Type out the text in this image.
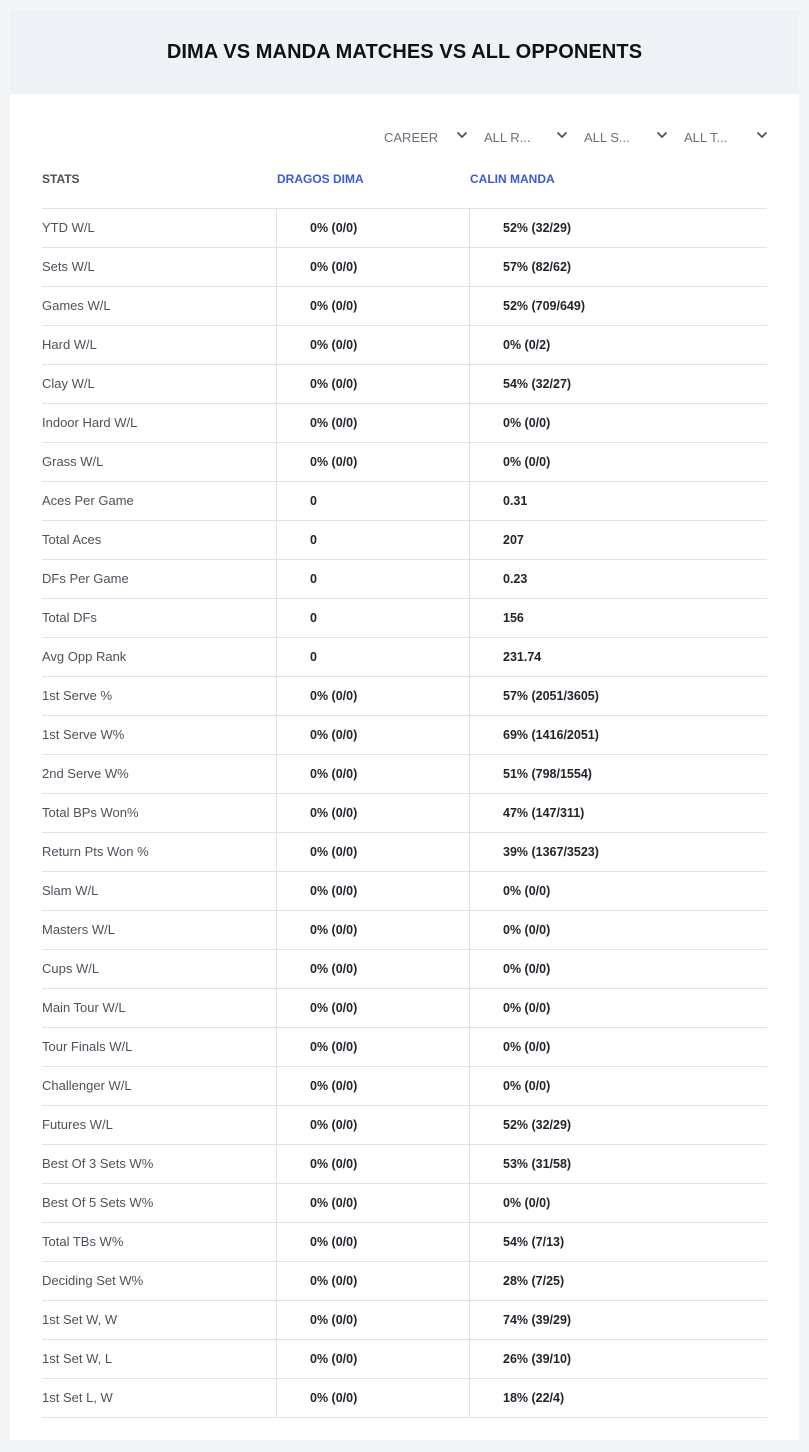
DIMA VS MANDA MATCHES VS ALL OPPONENTS
CAREER	ALL R...	ALL S...	ALL T...
STATS	DRAGOS DIMA	CALIN MANDA
YTD W/L	0% (0/0)	52% (32/29)
Sets W/L	0% (0/0)	57% (82/62)
Games W/L	0% (0/0)	52% (709/649)
Hard W/L	0% (0/0)	0% (0/2)
Clay W/L	0% (0/0)	54% (32/27)
Indoor Hard W/L	0% (0/0)	0% (0/0)
Grass W/L	0% (0/0)	0% (0/0)
Aces Per Game	0	0.31
Total Aces	0	207
DFs Per Game	0	0.23
Total DFs	0	156
Avg Opp Rank	0	231.74
1st Serve %	0% (0/0)	57% (2051/3605)
1st Serve W%	0% (0/0)	69% (1416/2051)
2nd Serve W%	0% (0/0)	51% (798/1554)
Total BPs Won%	0% (0/0)	47% (147/311)
Return Pts Won %	0% (0/0)	39% (1367/3523)
Slam W/L	0% (0/0)	0% (0/0)
Masters W/L	0% (0/0)	0% (0/0)
Cups W/L	0% (0/0)	0% (0/0)
Main Tour W/L	0% (0/0)	0% (0/0)
Tour Finals W/L	0% (0/0)	0% (0/0)
Challenger W/L	0% (0/0)	0% (0/0)
Futures W/L	0% (0/0)	52% (32/29)
Best Of 3 Sets W%	0% (0/0)	53% (31/58)
Best Of 5 Sets W%	0% (0/0)	0% (0/0)
Total TBs W%	0% (0/0)	54% (7/13)
Deciding Set W%	0% (0/0)	28% (7/25)
1st Set W, W	0% (0/0)	74% (39/29)
1st Set W, L	0% (0/0)	26% (39/10)
1st Set L, W	0% (0/0)	18% (22/4)
